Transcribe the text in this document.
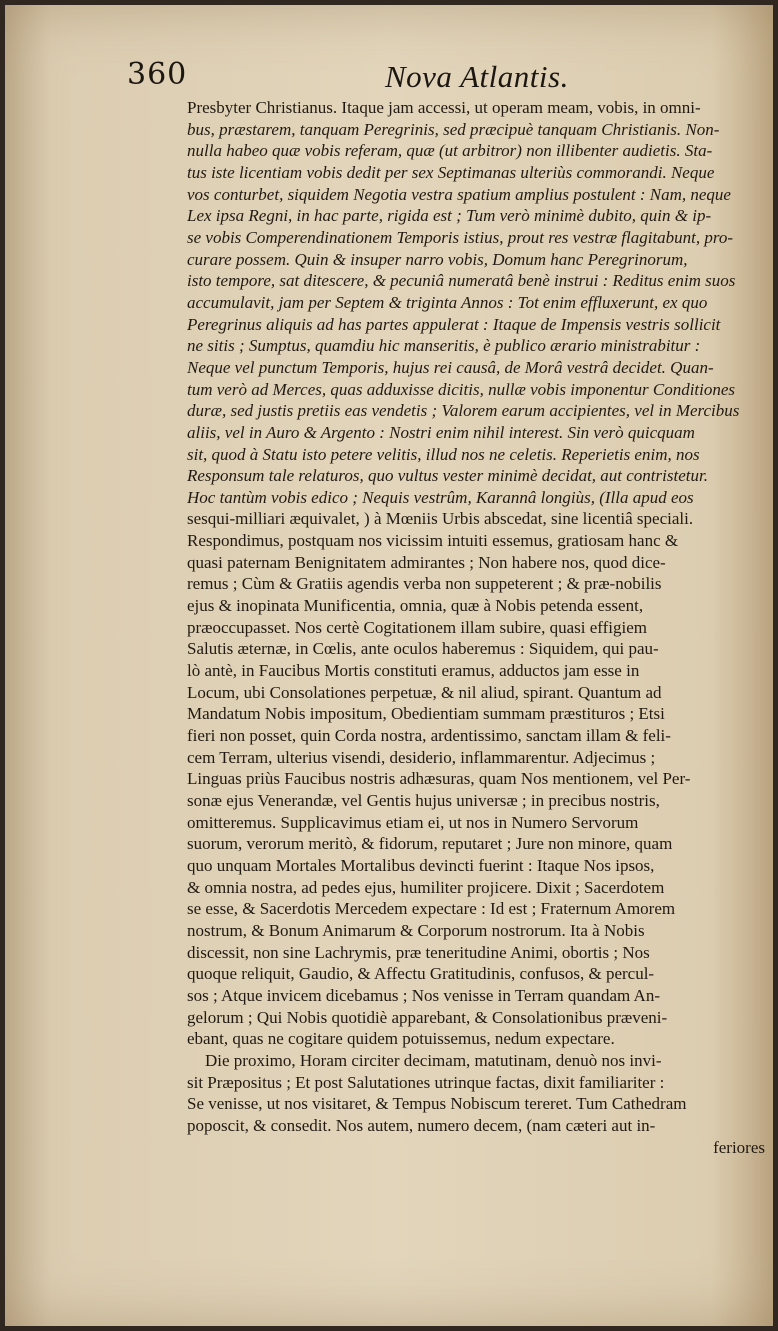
360	Nova Atlantis.
Presbyter Christianus. Itaque jam accessi, ut operam meam, vobis, in omni-
bus, præstarem, tanquam Peregrinis, sed præcipuè tanquam Christianis. Non-
nulla habeo quæ vobis referam, quæ (ut arbitror) non illibenter audietis. Sta-
tus iste licentiam vobis dedit per sex Septimanas ulteriùs commorandi. Neque
vos conturbet, siquidem Negotia vestra spatium amplius postulent : Nam, neque
Lex ipsa Regni, in hac parte, rigida est ; Tum verò minimè dubito, quin & ip-
se vobis Comperendinationem Temporis istius, prout res vestræ flagitabunt, pro-
curare possem. Quin & insuper narro vobis, Domum hanc Peregrinorum,
isto tempore, sat ditescere, & pecuniâ numeratâ benè instrui : Reditus enim suos
accumulavit, jam per Septem & triginta Annos : Tot enim effluxerunt, ex quo
Peregrinus aliquis ad has partes appulerat : Itaque de Impensis vestris sollicit
ne sitis ; Sumptus, quamdiu hic manseritis, è publico ærario ministrabitur :
Neque vel punctum Temporis, hujus rei causâ, de Morâ vestrâ decidet. Quan-
tum verò ad Merces, quas adduxisse dicitis, nullæ vobis imponentur Conditiones
duræ, sed justis pretiis eas vendetis ; Valorem earum accipientes, vel in Mercibus
aliis, vel in Auro & Argento : Nostri enim nihil interest. Sin verò quicquam
sit, quod à Statu isto petere velitis, illud nos ne celetis. Reperietis enim, nos
Responsum tale relaturos, quo vultus vester minimè decidat, aut contristetur.
Hoc tantùm vobis edico ; Nequis vestrûm, Karannâ longiùs, (Illa apud eos
sesqui-milliari æquivalet, ) à Mœniis Urbis abscedat, sine licentiâ speciali.
Respondimus, postquam nos vicissim intuiti essemus, gratiosam hanc &
quasi paternam Benignitatem admirantes ; Non habere nos, quod dice-
remus ; Cùm & Gratiis agendis verba non suppeterent ; & præ-nobilis
ejus & inopinata Munificentia, omnia, quæ à Nobis petenda essent,
præoccupasset. Nos certè Cogitationem illam subire, quasi effigiem
Salutis æternæ, in Cœlis, ante oculos haberemus : Siquidem, qui pau-
lò antè, in Faucibus Mortis constituti eramus, adductos jam esse in
Locum, ubi Consolationes perpetuæ, & nil aliud, spirant. Quantum ad
Mandatum Nobis impositum, Obedientiam summam præstituros ; Etsi
fieri non posset, quin Corda nostra, ardentissimo, sanctam illam & feli-
cem Terram, ulterius visendi, desiderio, inflammarentur. Adjecimus ;
Linguas priùs Faucibus nostris adhæsuras, quam Nos mentionem, vel Per-
sonæ ejus Venerandæ, vel Gentis hujus universæ ; in precibus nostris,
omitteremus. Supplicavimus etiam ei, ut nos in Numero Servorum
suorum, verorum meritò, & fidorum, reputaret ; Jure non minore, quam
quo unquam Mortales Mortalibus devincti fuerint : Itaque Nos ipsos,
& omnia nostra, ad pedes ejus, humiliter projicere. Dixit ; Sacerdotem
se esse, & Sacerdotis Mercedem expectare : Id est ; Fraternum Amorem
nostrum, & Bonum Animarum & Corporum nostrorum. Ita à Nobis
discessit, non sine Lachrymis, præ teneritudine Animi, obortis ; Nos
quoque reliquit, Gaudio, & Affectu Gratitudinis, confusos, & percul-
sos ; Atque invicem dicebamus ; Nos venisse in Terram quandam An-
gelorum ; Qui Nobis quotidiè apparebant, & Consolationibus præveni-
ebant, quas ne cogitare quidem potuissemus, nedum expectare.
Die proximo, Horam circiter decimam, matutinam, denuò nos invi-
sit Præpositus ; Et post Salutationes utrinque factas, dixit familiariter :
Se venisse, ut nos visitaret, & Tempus Nobiscum tereret. Tum Cathedram
poposcit, & consedit. Nos autem, numero decem, (nam cæteri aut in-
feriores
